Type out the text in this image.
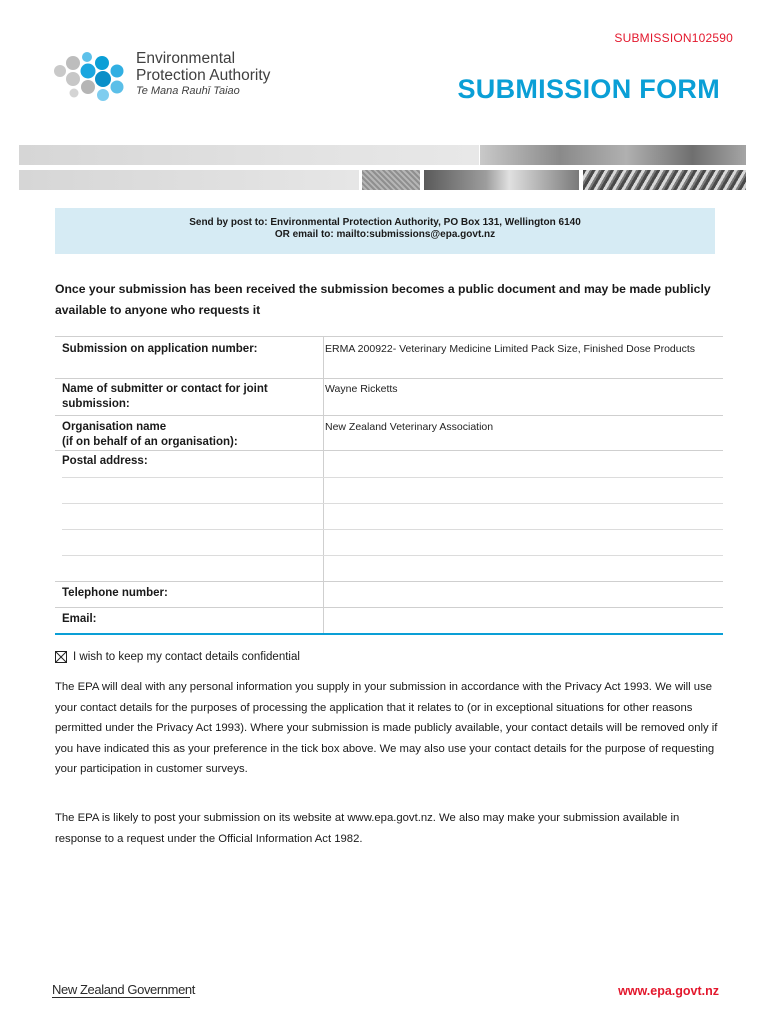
SUBMISSION102590
Environmental
Protection Authority
Te Mana Rauhī Taiao	SUBMISSION FORM
Send by post to: Environmental Protection Authority, PO Box 131, Wellington 6140
OR email to: mailto:submissions@epa.govt.nz
Once your submission has been received the submission becomes a public document and may be made publicly available to anyone who requests it
Submission on application number:	ERMA 200922- Veterinary Medicine Limited Pack Size, Finished Dose Products
Name of submitter or contact for joint submission:
Wayne Ricketts
Organisation name
(if on behalf of an organisation):
New Zealand Veterinary Association
Postal address:
Telephone number:
Email:
I wish to keep my contact details confidential
The EPA will deal with any personal information you supply in your submission in accordance with the Privacy Act 1993. We will use your contact details for the purposes of processing the application that it relates to (or in exceptional situations for other reasons permitted under the Privacy Act 1993). Where your submission is made publicly available, your contact details will be removed only if you have indicated this as your preference in the tick box above. We may also use your contact details for the purpose of requesting your participation in customer surveys.
The EPA is likely to post your submission on its website at www.epa.govt.nz. We also may make your submission available in response to a request under the Official Information Act 1982.
New Zealand Government	www.epa.govt.nz
